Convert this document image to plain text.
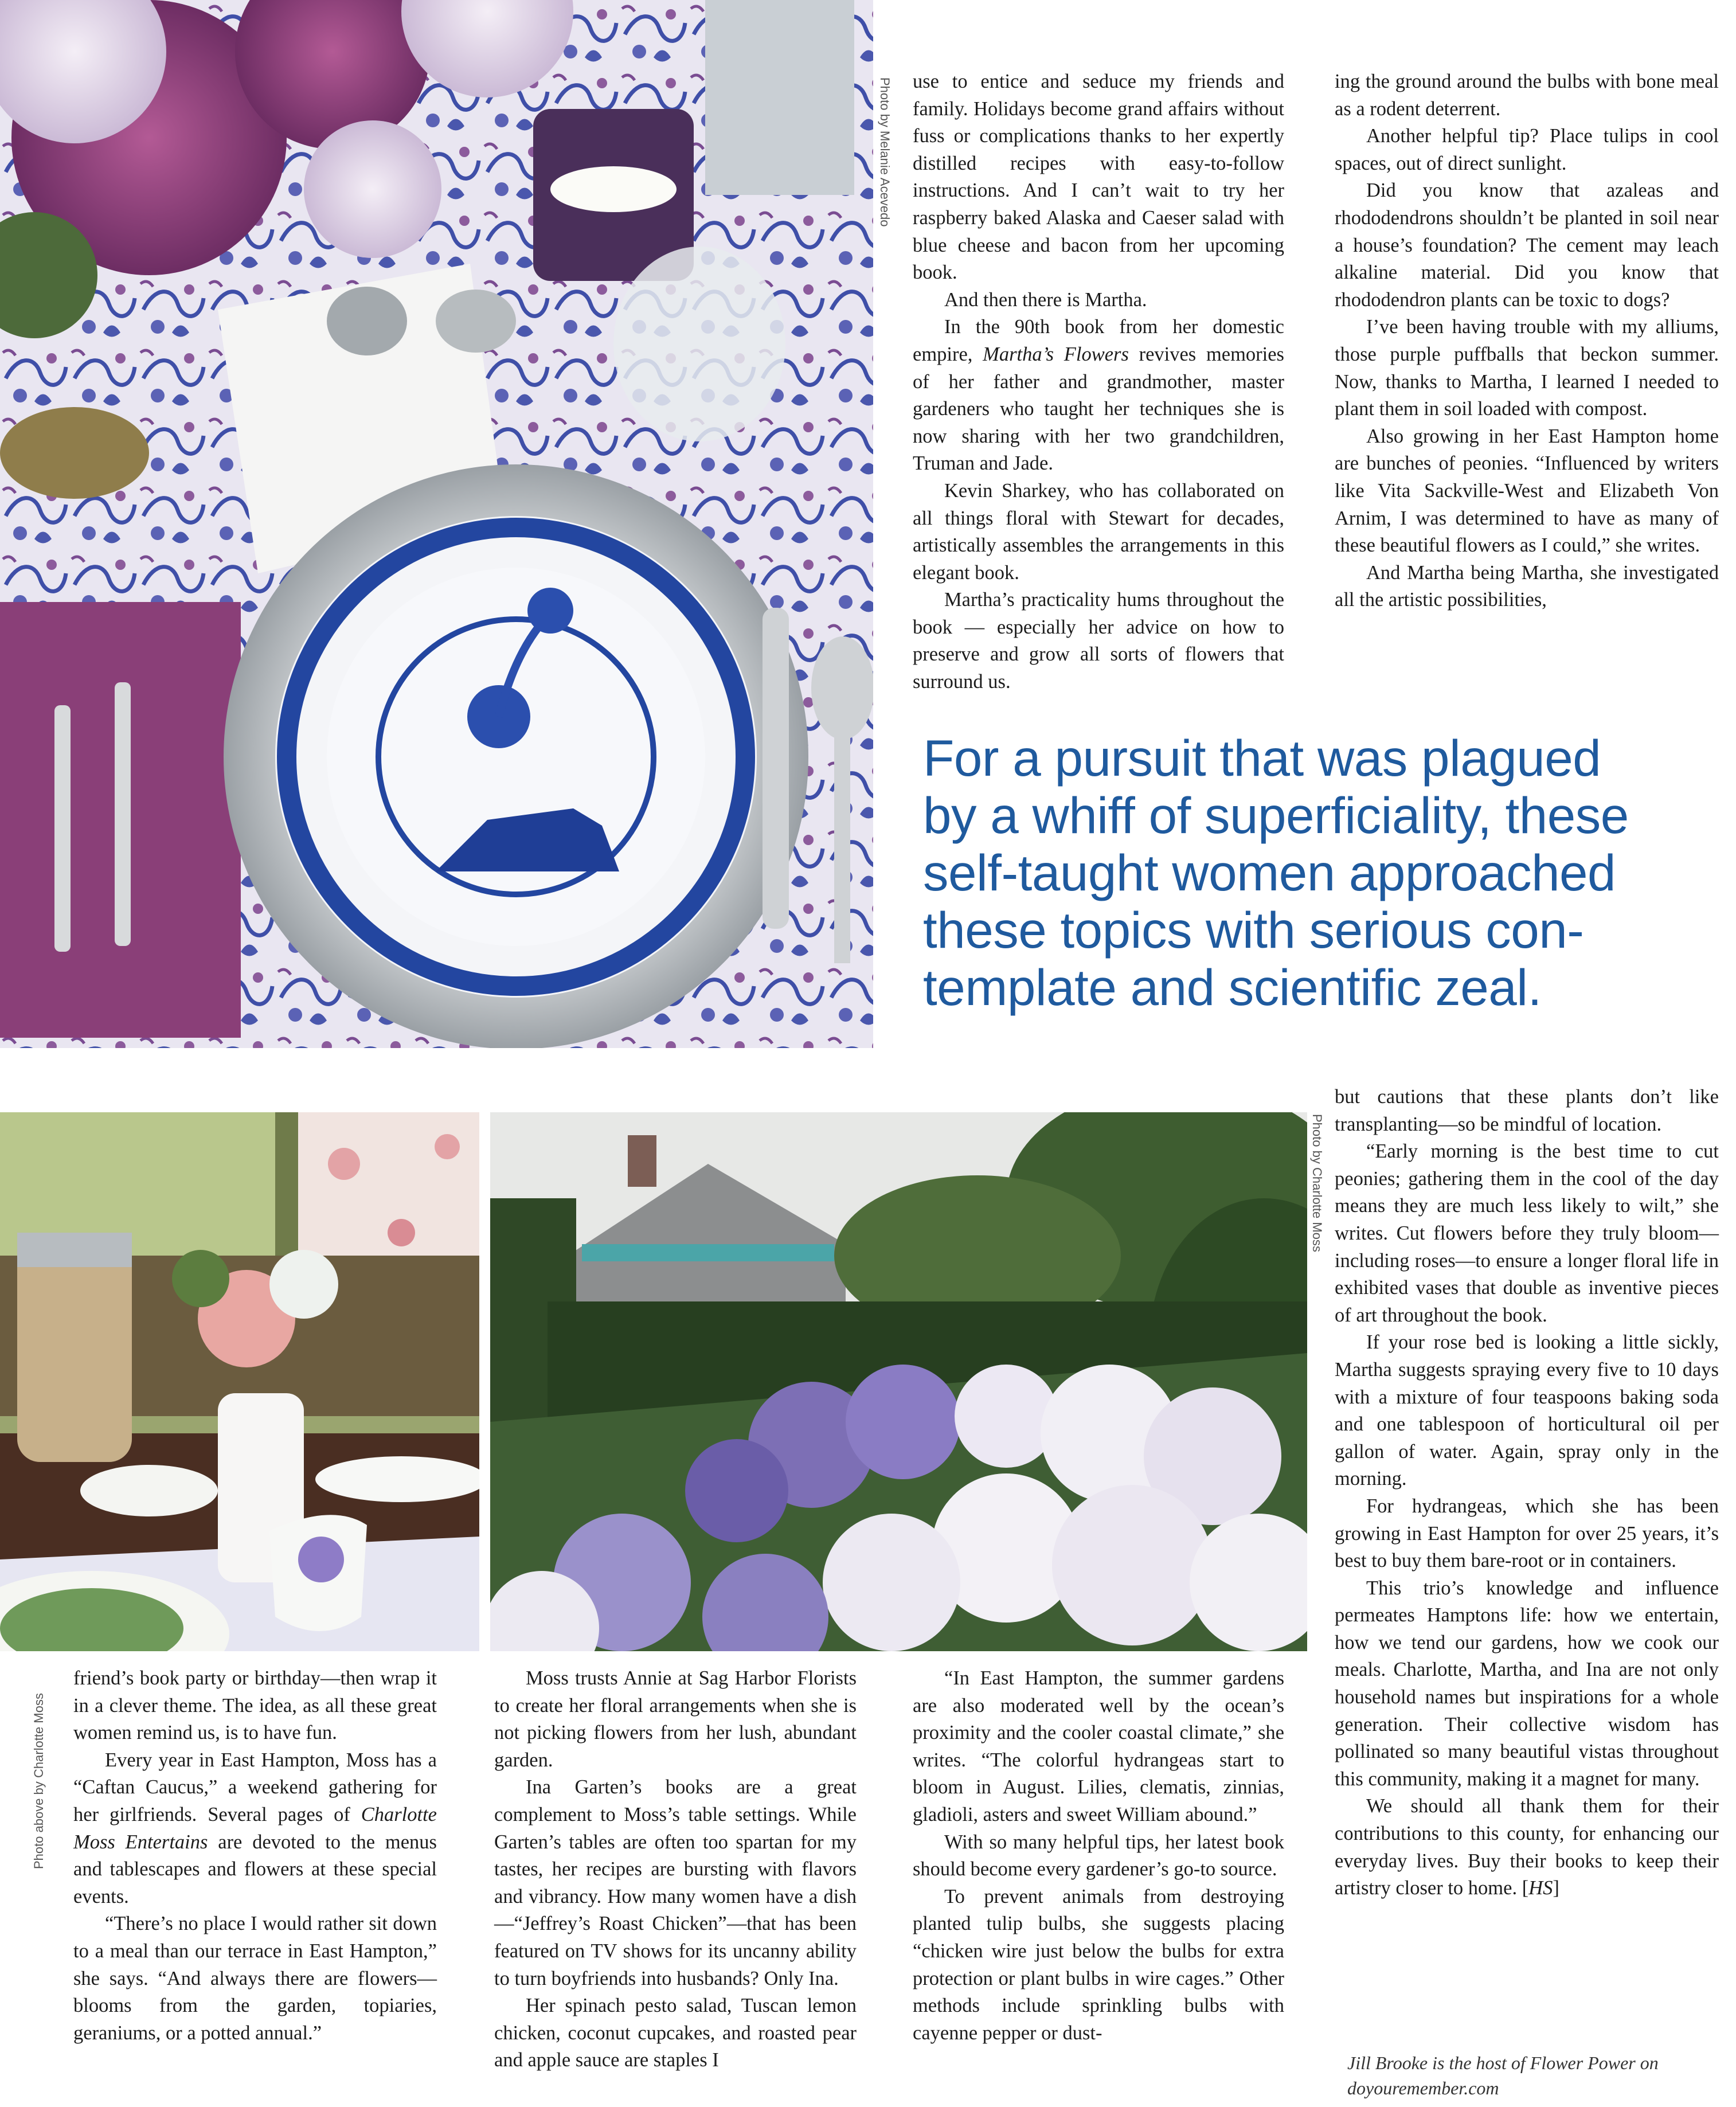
Photo by Melanie Acevedo use to entice and seduce my friends and family. Holidays become grand affairs without fuss or complications thanks to her expertly distilled recipes with easy-to-follow instructions. And I can’t wait to try her raspberry baked Alaska and Caeser salad with blue cheese and bacon from her upcoming book.

And then there is Martha.

In the 90th book from her domestic empire, Martha’s Flowers revives memories of her father and grandmother, master gardeners who taught her techniques she is now sharing with her two grandchildren, Truman and Jade.

Kevin Sharkey, who has collaborated on all things floral with Stewart for decades, artistically assembles the arrangements in this elegant book.

Martha’s practicality hums throughout the book — especially her advice on how to preserve and grow all sorts of flowers that surround us.

ing the ground around the bulbs with bone meal as a rodent deterrent.

Another helpful tip? Place tulips in cool spaces, out of direct sunlight.

Did you know that azaleas and rhododendrons shouldn’t be planted in soil near a house’s foundation? The cement may leach alkaline material. Did you know that rhododendron plants can be toxic to dogs?

I’ve been having trouble with my alliums, those purple puffballs that beckon summer. Now, thanks to Martha, I learned I needed to plant them in soil loaded with compost.

Also growing in her East Hampton home are bunches of peonies. “Influenced by writers like Vita Sackville-West and Elizabeth Von Arnim, I was determined to have as many of these beautiful flowers as I could,” she writes.

And Martha being Martha, she investigated all the artistic possibilities,

For a pursuit that was plagued
by a whiff of superficiality, these
self-taught women approached
these topics with serious con-
template and scientific zeal.
Photo by Charlotte Moss
Photo above by Charlotte Moss

but cautions that these plants don’t like transplanting—so be mindful of location.

“Early morning is the best time to cut peonies; gathering them in the cool of the day means they are much less likely to wilt,” she writes. Cut flowers before they truly bloom—including roses—to ensure a longer floral life in exhibited vases that double as inventive pieces of art throughout the book.

If your rose bed is looking a little sickly, Martha suggests spraying every five to 10 days with a mixture of four teaspoons baking soda and one tablespoon of horticultural oil per gallon of water. Again, spray only in the morning.

For hydrangeas, which she has been growing in East Hampton for over 25 years, it’s best to buy them bare-root or in containers.

This trio’s knowledge and influence permeates Hamptons life: how we entertain, how we tend our gardens, how we cook our meals. Charlotte, Martha, and Ina are not only household names but inspirations for a whole generation. Their collective wisdom has pollinated so many beautiful vistas throughout this community, making it a magnet for many.

We should all thank them for their contributions to this county, for enhancing our everyday lives. Buy their books to keep their artistry closer to home. [HS]

Jill Brooke is the host of Flower Power on
doyouremember.com

friend’s book party or birthday—then wrap it in a clever theme. The idea, as all these great women remind us, is to have fun.

Every year in East Hampton, Moss has a “Caftan Caucus,” a weekend gathering for her girlfriends. Several pages of Charlotte Moss Entertains are devoted to the menus and tablescapes and flowers at these special events.

“There’s no place I would rather sit down to a meal than our terrace in East Hampton,” she says. “And always there are flowers—blooms from the garden, topiaries, geraniums, or a potted annual.”

Moss trusts Annie at Sag Harbor Florists to create her floral arrangements when she is not picking flowers from her lush, abundant garden.

Ina Garten’s books are a great complement to Moss’s table settings. While Garten’s tables are often too spartan for my tastes, her recipes are bursting with flavors and vibrancy. How many women have a dish—“Jeffrey’s Roast Chicken”—that has been featured on TV shows for its uncanny ability to turn boyfriends into husbands? Only Ina.

Her spinach pesto salad, Tuscan lemon chicken, coconut cupcakes, and roasted pear and apple sauce are staples I

“In East Hampton, the summer gardens are also moderated well by the ocean’s proximity and the cooler coastal climate,” she writes. “The colorful hydrangeas start to bloom in August. Lilies, clematis, zinnias, gladioli, asters and sweet William abound.”

With so many helpful tips, her latest book should become every gardener’s go-to source.

To prevent animals from destroying planted tulip bulbs, she suggests placing “chicken wire just below the bulbs for extra protection or plant bulbs in wire cages.” Other methods include sprinkling bulbs with cayenne pepper or dust-
